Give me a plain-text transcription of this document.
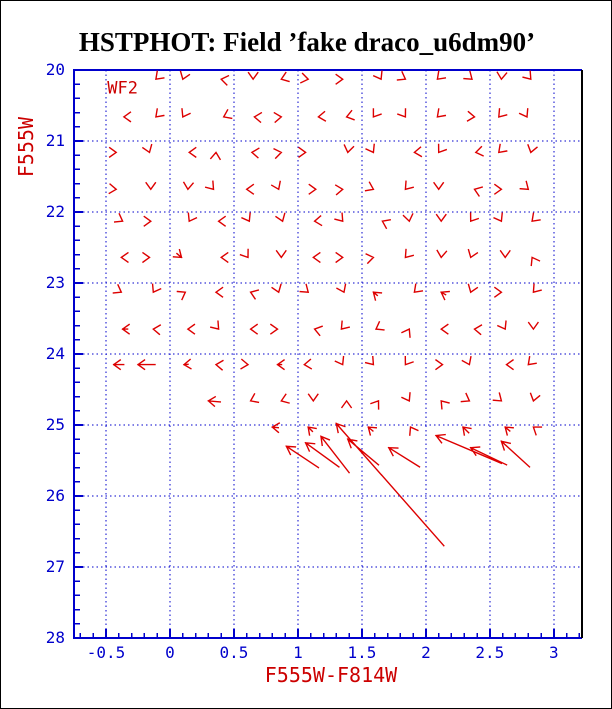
20
21
22
23
24
25
26
27
28
-0.5 0	0.5	1	1.5	2	2.5	3
HSTPHOT: Field ’fake draco_u6dm90’
F555W-F814W
F555W
WF2
